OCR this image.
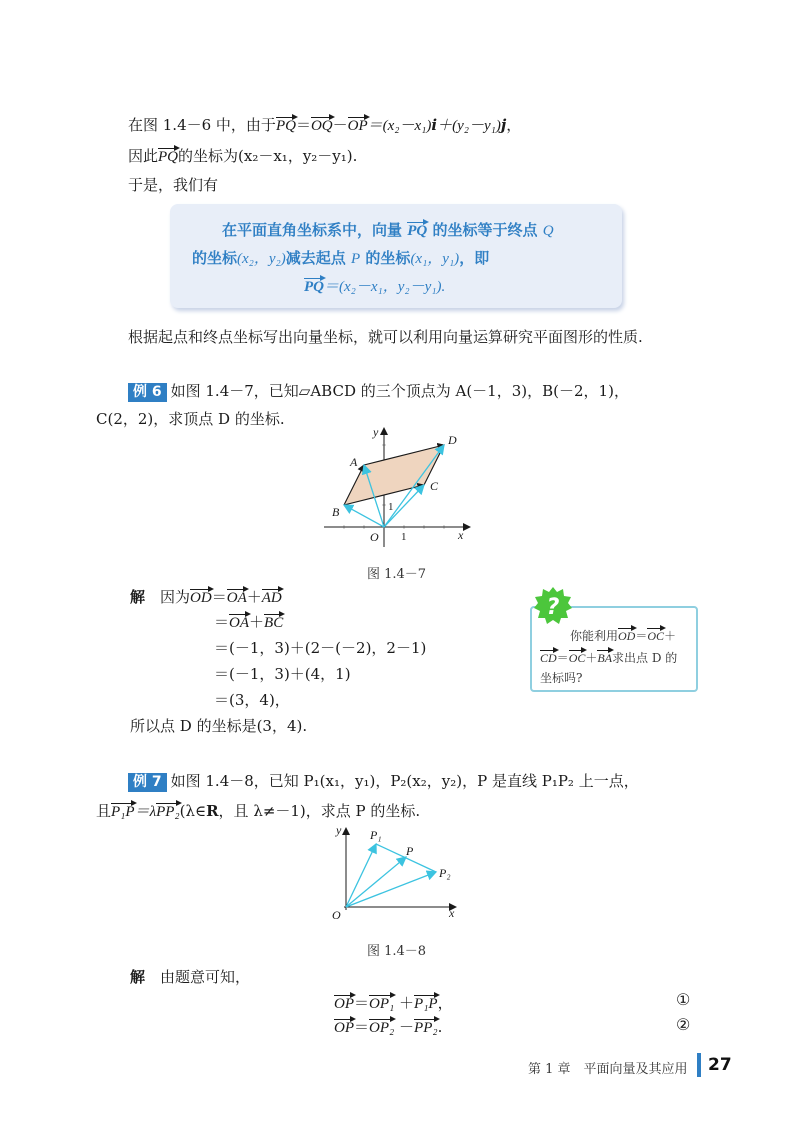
在图 1.4－6 中，由于PQ＝OQ－OP＝(x₂－x₁)i＋(y₂－y₁)j，
因此PQ的坐标为(x₂－x₁，y₂－y₁).
于是，我们有
在平面直角坐标系中，向量 PQ 的坐标等于终点 Q
的坐标(x₂，y₂)减去起点 P 的坐标(x₁，y₁)，即
PQ＝(x₂－x₁，y₂－y₁).
根据起点和终点坐标写出向量坐标，就可以利用向量运算研究平面图形的性质.
例 6 如图 1.4－7，已知▱ABCD 的三个顶点为 A(－1，3)，B(－2，1)，
C(2，2)，求顶点 D 的坐标.
y
x
O
A
B
C
D
1
1
图 1.4－7
解　 因为OD＝OA＋AD
＝OA＋BC
＝(－1，3)＋(2－(－2)，2－1)
＝(－1，3)＋(4，1)
＝(3，4)，
所以点 D 的坐标是(3，4).
?
你能利用OD＝OC＋
CD＝OC＋BA求出点 D 的
坐标吗?
例 7 如图 1.4－8，已知 P₁(x₁，y₁)，P₂(x₂，y₂)，P 是直线 P₁P₂ 上一点，
且P₁P＝λPP₂(λ∈R，且 λ≠－1)，求点 P 的坐标.
y
x
O
P₁
P
P₂
图 1.4－8
解　 由题意可知，
OP＝OP₁ ＋P₁P，	①
OP＝OP₂ －PP₂.	②
第 1 章　平面向量及其应用 27
